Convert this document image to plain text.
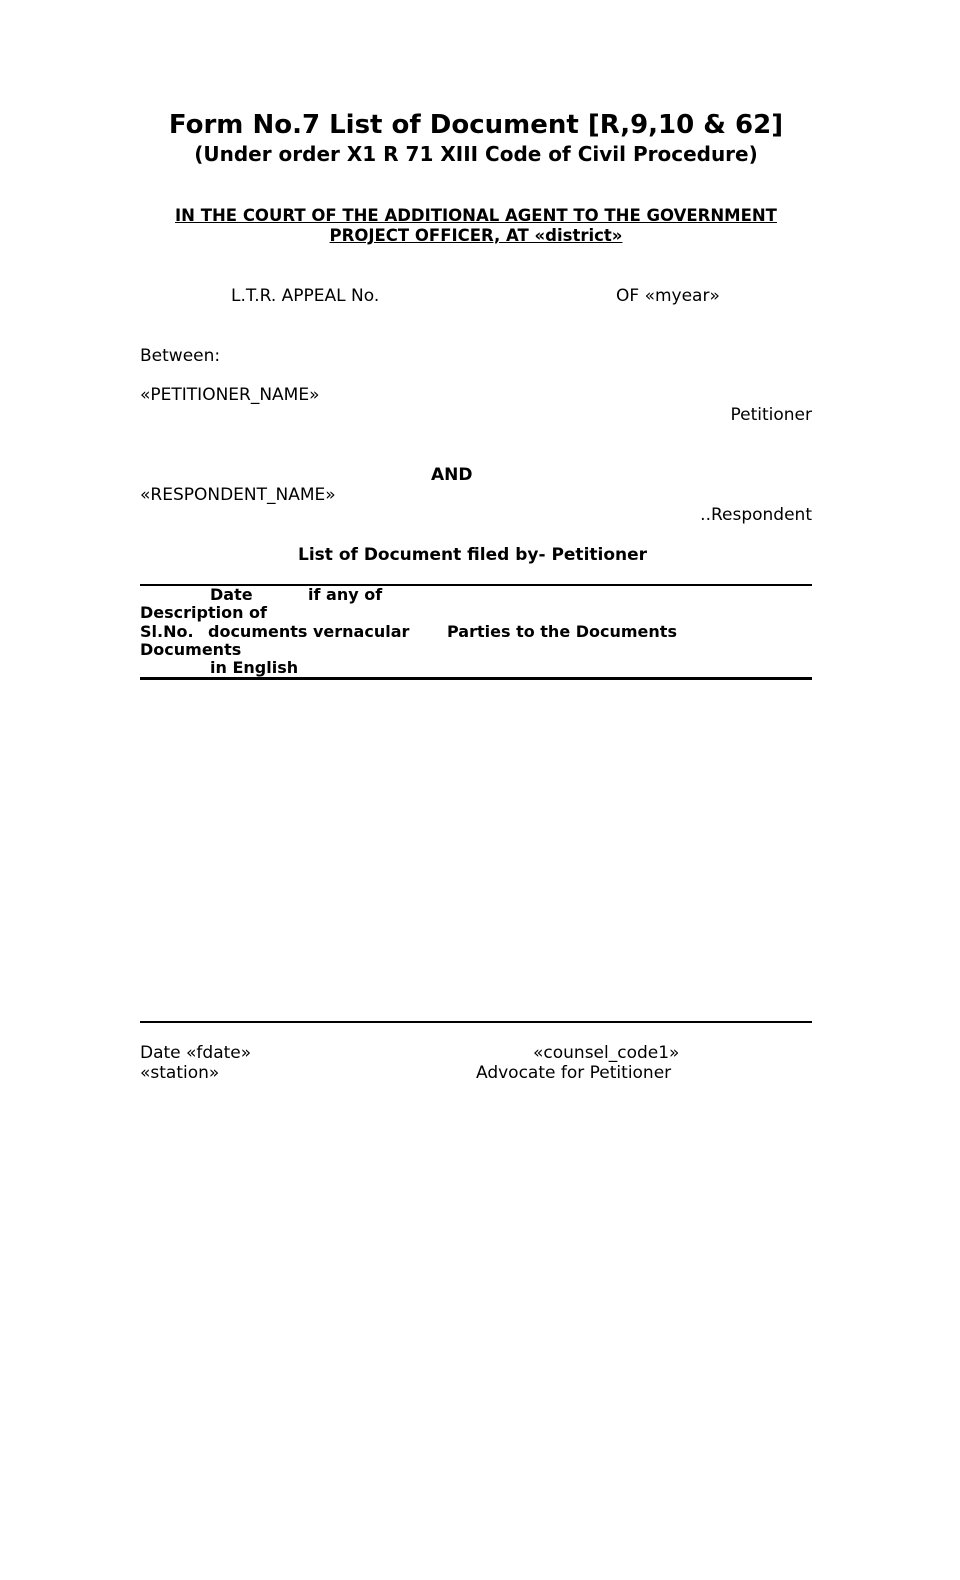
Form No.7 List of Document [R,9,10 & 62]
(Under order X1 R 71 XIII Code of Civil Procedure)
IN THE COURT OF THE ADDITIONAL AGENT TO THE GOVERNMENT
PROJECT OFFICER, AT «district»
L.T.R. APPEAL No.	OF «myear»
Between:
«PETITIONER_NAME»
Petitioner
AND
«RESPONDENT_NAME»
..Respondent
List of Document filed by- Petitioner
Date	if any of
Description of
Sl.No. documents vernacular Parties to the Documents
Documents
in English
Date «fdate»
«station»
«counsel_code1»
Advocate for Petitioner
